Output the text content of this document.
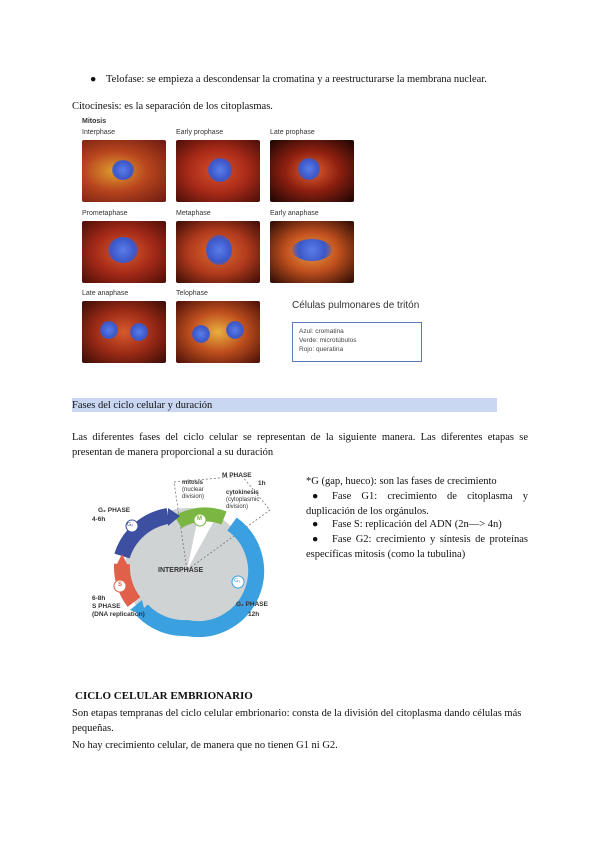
● Telofase: se empieza a descondensar la cromatina y a reestructurarse la membrana nuclear.
Citocinesis: es la separación de los citoplasmas.
Mitosis
Interphase	Early prophase	Late prophase
Prometaphase	Metaphase	Early anaphase
Late anaphase	Telophase
Células pulmonares de tritón
Azul: cromatina
Verde: microtúbulos
Rojo: queratina
Fases del ciclo celular y duración
Las diferentes fases del ciclo celular se representan de la siguiente manera. Las diferentes etapas se presentan de manera proporcional a su duración
M PHASE
1h
mitosis
(nuclear
division)
cytokinesis
(cytoplasmic
division)
G₂ PHASE
4-6h
G₂
M
S
G₁
INTERPHASE
6-8h
S PHASE
(DNA replication)
G₁ PHASE
12h
*G (gap, hueco): son las fases de crecimiento
● Fase G1: crecimiento de citoplasma y duplicación de los orgánulos.
● Fase S: replicación del ADN (2n—> 4n)
● Fase G2: crecimiento y síntesis de proteínas específicas mitosis (como la tubulina)
CICLO CELULAR EMBRIONARIO
Son etapas tempranas del ciclo celular embrionario: consta de la división del citoplasma dando células más pequeñas.
No hay crecimiento celular, de manera que no tienen G1 ni G2.
